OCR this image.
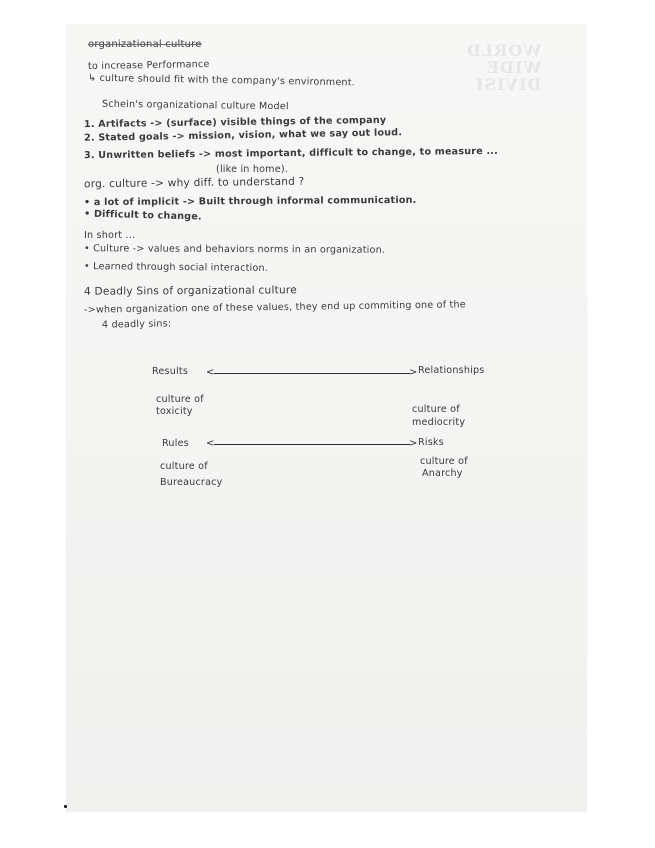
WORLD
WIDE
DIVISI
organizational culture
to increase Performance
↳ culture should fit with the company's environment.
Schein's organizational culture Model
1. Artifacts -> (surface) visible things of the company
2. Stated goals -> mission, vision, what we say out loud.
3. Unwritten beliefs -> most important, difficult to change, to measure ...
(like in home).
org. culture -> why diff. to understand ?
• a lot of implicit -> Built through informal communication.
• Difficult to change.
In short ...
• Culture -> values and behaviors norms in an organization.
• Learned through social interaction.
4 Deadly Sins of organizational culture
->when organization one of these values, they end up commiting one of the
4 deadly sins:
Results <	> Relationships
culture of
toxicity	culture of
mediocrity
Rules <	> Risks
culture of
Bureaucracy
culture of
Anarchy
